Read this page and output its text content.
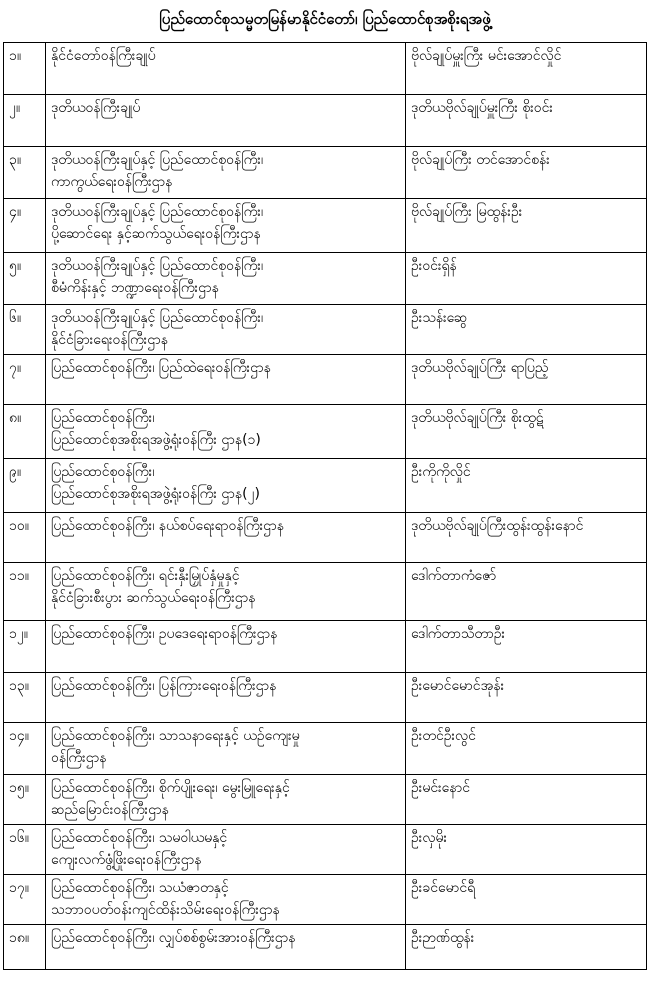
ပြည်ထောင်စုသမ္မတမြန်မာနိုင်ငံတော်၊ ပြည်ထောင်စုအစိုးရအဖွဲ့
၁။	နိုင်ငံတော်ဝန်ကြီးချုပ်	ဗိုလ်ချုပ်မှူးကြီး မင်းအောင်လှိုင်
၂။	ဒုတိယဝန်ကြီးချုပ်	ဒုတိယဗိုလ်ချုပ်မှူးကြီး စိုးဝင်း
၃။	ဒုတိယဝန်ကြီးချုပ်နှင့် ပြည်ထောင်စုဝန်ကြီး၊
ကာကွယ်ရေးဝန်ကြီးဌာန	ဗိုလ်ချုပ်ကြီး တင်အောင်စန်း
၄။	ဒုတိယဝန်ကြီးချုပ်နှင့် ပြည်ထောင်စုဝန်ကြီး၊
ပို့ဆောင်ရေး နှင့်ဆက်သွယ်ရေးဝန်ကြီးဌာန	ဗိုလ်ချုပ်ကြီး မြထွန်းဦး
၅။	ဒုတိယဝန်ကြီးချုပ်နှင့် ပြည်ထောင်စုဝန်ကြီး၊
စီမံကိန်းနှင့် ဘဏ္ဍာရေးဝန်ကြီးဌာန	ဦးဝင်းရှိန်
၆။	ဒုတိယဝန်ကြီးချုပ်နှင့် ပြည်ထောင်စုဝန်ကြီး၊
နိုင်ငံခြားရေးဝန်ကြီးဌာန	ဦးသန်းဆွေ
၇။	ပြည်ထောင်စုဝန်ကြီး၊ ပြည်ထဲရေးဝန်ကြီးဌာန	ဒုတိယဗိုလ်ချုပ်ကြီး ရာပြည့်
၈။	ပြည်ထောင်စုဝန်ကြီး၊
ပြည်ထောင်စုအစိုးရအဖွဲ့ရုံးဝန်ကြီး ဌာန(၁)	ဒုတိယဗိုလ်ချုပ်ကြီး စိုးထွဋ်
၉။	ပြည်ထောင်စုဝန်ကြီး၊
ပြည်ထောင်စုအစိုးရအဖွဲ့ရုံးဝန်ကြီး ဌာန(၂)	ဦးကိုကိုလှိုင်
၁၀။	ပြည်ထောင်စုဝန်ကြီး၊ နယ်စပ်ရေးရာဝန်ကြီးဌာန	ဒုတိယဗိုလ်ချုပ်ကြီးထွန်းထွန်းနောင်
၁၁။	ပြည်ထောင်စုဝန်ကြီး၊ ရင်းနှီးမြှုပ်နှံမှုနှင့်
နိုင်ငံခြားစီးပွား ဆက်သွယ်ရေးဝန်ကြီးဌာန	ဒေါက်တာကံဇော်
၁၂။	ပြည်ထောင်စုဝန်ကြီး၊ ဥပဒေရေးရာဝန်ကြီးဌာန	ဒေါက်တာသီတာဦး
၁၃။	ပြည်ထောင်စုဝန်ကြီး၊ ပြန်ကြားရေးဝန်ကြီးဌာန	ဦးမောင်မောင်အုန်း
၁၄။	ပြည်ထောင်စုဝန်ကြီး၊ သာသနာရေးနှင့် ယဉ်ကျေးမှု
ဝန်ကြီးဌာန	ဦးတင်ဦးလွင်
၁၅။	ပြည်ထောင်စုဝန်ကြီး၊ စိုက်ပျိုးရေး၊ မွေးမြူရေးနှင့်
ဆည်မြောင်းဝန်ကြီးဌာန	ဦးမင်းနောင်
၁၆။	ပြည်ထောင်စုဝန်ကြီး၊ သမဝါယမနှင့်
ကျေးလက်ဖွံ့ဖြိုးရေးဝန်ကြီးဌာန	ဦးလှမိုး
၁၇။	ပြည်ထောင်စုဝန်ကြီး၊ သယံဇာတနှင့်
သဘာဝပတ်ဝန်းကျင်ထိန်းသိမ်းရေးဝန်ကြီးဌာန	ဦးခင်မောင်ရီ
၁၈။	ပြည်ထောင်စုဝန်ကြီး၊ လျှပ်စစ်စွမ်းအားဝန်ကြီးဌာန	ဦးဉာဏ်ထွန်း
